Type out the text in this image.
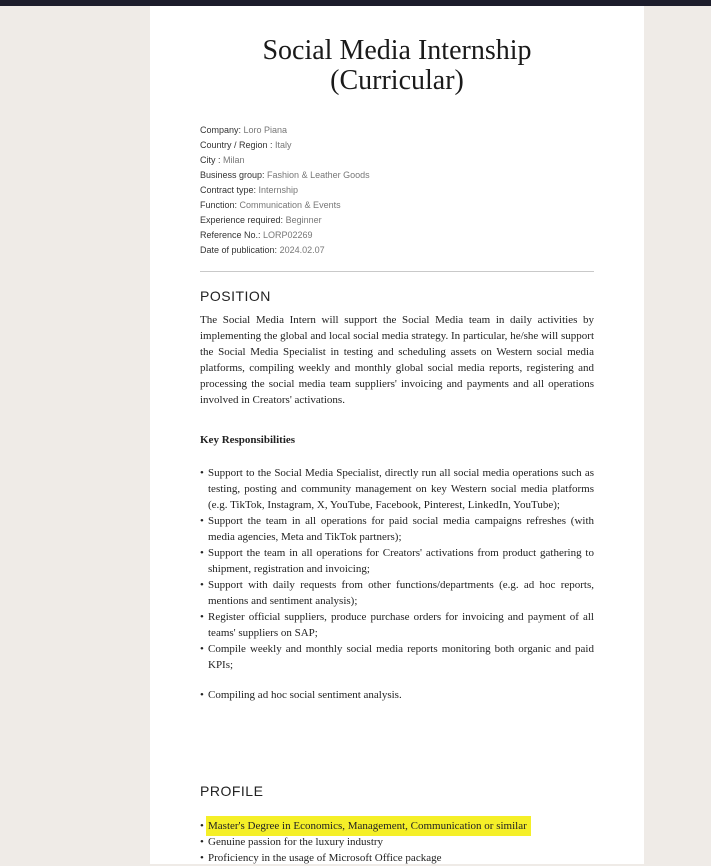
Social Media Internship
(Curricular)
Company: Loro Piana
Country / Region : Italy
City : Milan
Business group: Fashion & Leather Goods
Contract type: Internship
Function: Communication & Events
Experience required: Beginner
Reference No.: LORP02269
Date of publication: 2024.02.07
POSITION

The Social Media Intern will support the Social Media team in daily activities by implementing the global and local social media strategy. In particular, he/she will support the Social Media Specialist in testing and scheduling assets on Western social media platforms, compiling weekly and monthly global social media reports, registering and processing the social media team suppliers' invoicing and payments and all operations involved in Creators' activations.

Key Responsibilities
• Support to the Social Media Specialist, directly run all social media operations such as testing, posting and community management on key Western social media platforms (e.g. TikTok, Instagram, X, YouTube, Facebook, Pinterest, LinkedIn, YouTube);
• Support the team in all operations for paid social media campaigns refreshes (with media agencies, Meta and TikTok partners);
• Support the team in all operations for Creators' activations from product gathering to shipment, registration and invoicing;
• Support with daily requests from other functions/departments (e.g. ad hoc reports, mentions and sentiment analysis);
• Register official suppliers, produce purchase orders for invoicing and payment of all teams' suppliers on SAP;
• Compile weekly and monthly social media reports monitoring both organic and paid KPIs;
• Compiling ad hoc social sentiment analysis.
PROFILE
• Master's Degree in Economics, Management, Communication or similar
• Genuine passion for the luxury industry
• Proficiency in the usage of Microsoft Office package
